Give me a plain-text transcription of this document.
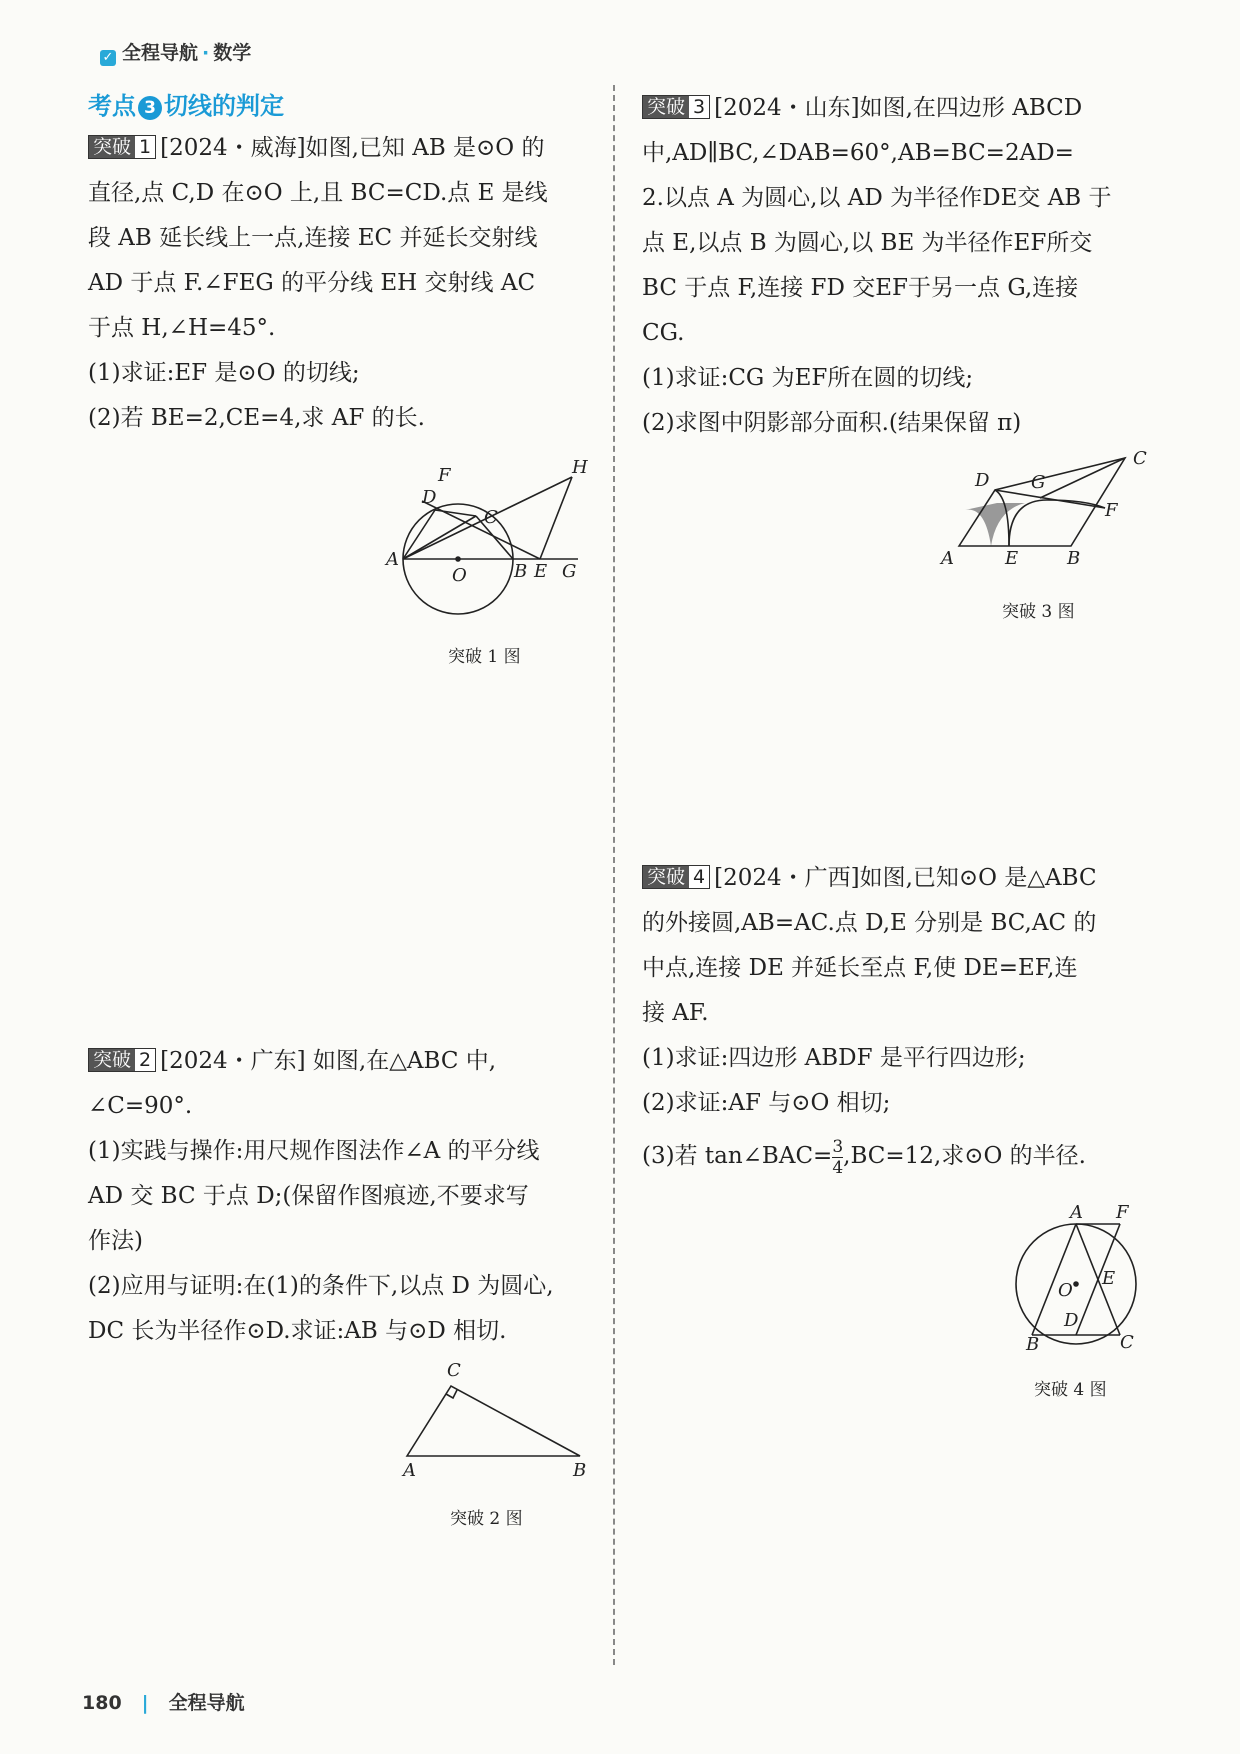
✓ 全程导航 · 数学
考点 3 切线的判定

突破 1 [2024・威海]如图,已知 AB 是⊙O 的

直径,点 C,D 在⊙O 上,且 BC=CD.点 E 是线

段 AB 延长线上一点,连接 EC 并延长交射线

AD 于点 F.∠FEG 的平分线 EH 交射线 AC

于点 H,∠H=45°.

(1)求证:EF 是⊙O 的切线;

(2)若 BE=2,CE=4,求 AF 的长.

A
O	B E G
C
D
F	H
突破 1 图

突破 2 [2024・广东] 如图,在△ABC 中,

∠C=90°.

(1)实践与操作:用尺规作图法作∠A 的平分线

AD 交 BC 于点 D;(保留作图痕迹,不要求写

作法)

(2)应用与证明:在(1)的条件下,以点 D 为圆心,

DC 长为半径作⊙D.求证:AB 与⊙D 相切.

C
A	B
突破 2 图

突破 3 [2024・山东]如图,在四边形 ABCD

中,AD∥BC,∠DAB=60°,AB=BC=2AD=

2.以点 A 为圆心,以 AD 为半径作DE交 AB 于

点 E,以点 B 为圆心,以 BE 为半径作EF所交

BC 于点 F,连接 FD 交EF于另一点 G,连接

CG.

(1)求证:CG 为EF所在圆的切线;

(2)求图中阴影部分面积.(结果保留 π)

A	E	B
D G
F
C
突破 3 图

突破 4 [2024・广西]如图,已知⊙O 是△ABC

的外接圆,AB=AC.点 D,E 分别是 BC,AC 的

中点,连接 DE 并延长至点 F,使 DE=EF,连

接 AF.

(1)求证:四边形 ABDF 是平行四边形;

(2)求证:AF 与⊙O 相切;

(3)若 tan∠BAC= $\frac{3}{4} ,BC=12$,求⊙O 的半径.

A F
O
E
D
B	C
突破 4 图
180 | 全程导航
